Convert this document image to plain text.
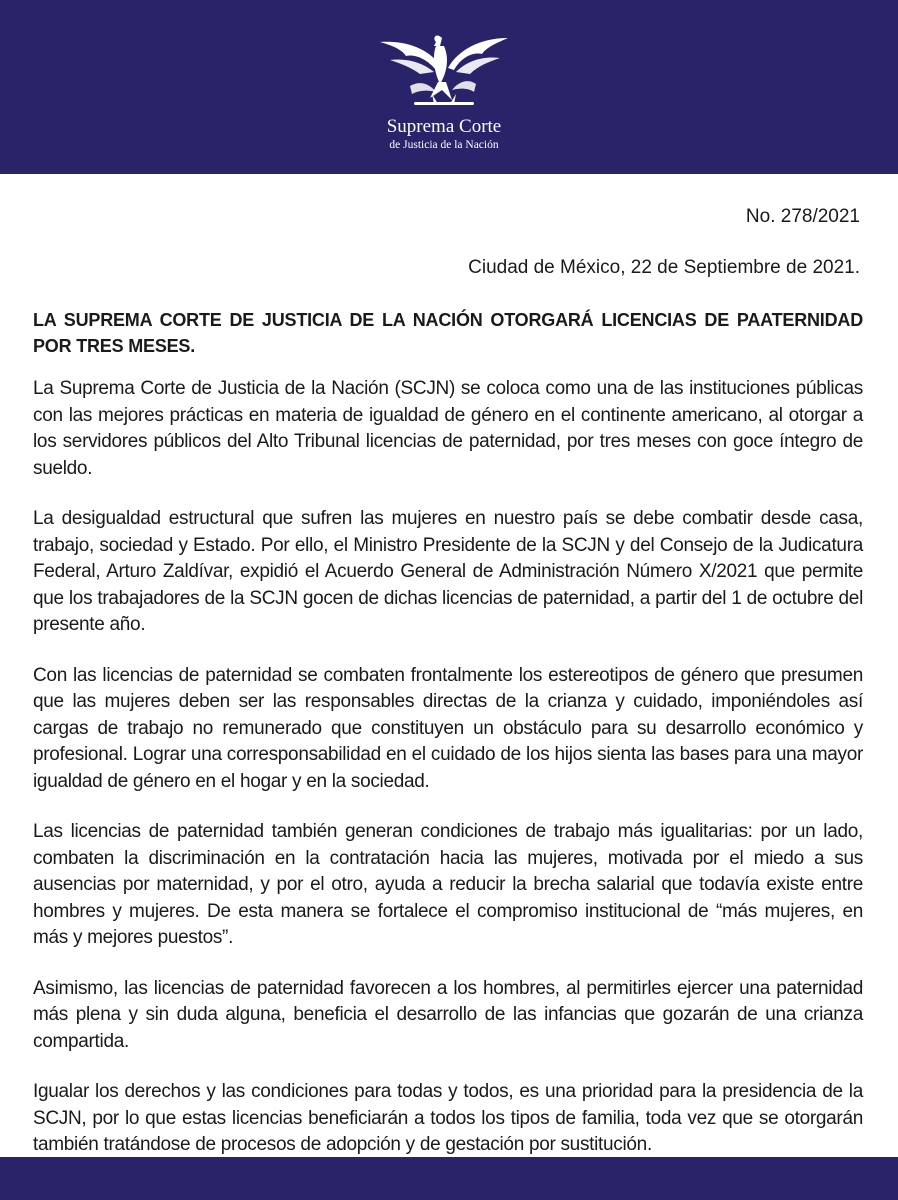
Suprema Corte
de Justicia de la Nación
No. 278/2021
Ciudad de México, 22 de Septiembre de 2021.
LA SUPREMA CORTE DE JUSTICIA DE LA NACIÓN OTORGARÁ LICENCIAS DE PAATERNIDAD POR TRES MESES.

La Suprema Corte de Justicia de la Nación (SCJN) se coloca como una de las instituciones públicas con las mejores prácticas en materia de igualdad de género en el continente americano, al otorgar a los servidores públicos del Alto Tribunal licencias de paternidad, por tres meses con goce íntegro de sueldo.

La desigualdad estructural que sufren las mujeres en nuestro país se debe combatir desde casa, trabajo, sociedad y Estado. Por ello, el Ministro Presidente de la SCJN y del Consejo de la Judicatura Federal, Arturo Zaldívar, expidió el Acuerdo General de Administración Número X/2021 que permite que los trabajadores de la SCJN gocen de dichas licencias de paternidad, a partir del 1 de octubre del presente año.

Con las licencias de paternidad se combaten frontalmente los estereotipos de género que presumen que las mujeres deben ser las responsables directas de la crianza y cuidado, imponiéndoles así cargas de trabajo no remunerado que constituyen un obstáculo para su desarrollo económico y profesional. Lograr una corresponsabilidad en el cuidado de los hijos sienta las bases para una mayor igualdad de género en el hogar y en la sociedad.

Las licencias de paternidad también generan condiciones de trabajo más igualitarias: por un lado, combaten la discriminación en la contratación hacia las mujeres, motivada por el miedo a sus ausencias por maternidad, y por el otro, ayuda a reducir la brecha salarial que todavía existe entre hombres y mujeres. De esta manera se fortalece el compromiso institucional de “más mujeres, en más y mejores puestos”.

Asimismo, las licencias de paternidad favorecen a los hombres, al permitirles ejercer una paternidad más plena y sin duda alguna, beneficia el desarrollo de las infancias que gozarán de una crianza compartida.

Igualar los derechos y las condiciones para todas y todos, es una prioridad para la presidencia de la SCJN, por lo que estas licencias beneficiarán a todos los tipos de familia, toda vez que se otorgarán también tratándose de procesos de adopción y de gestación por sustitución.
